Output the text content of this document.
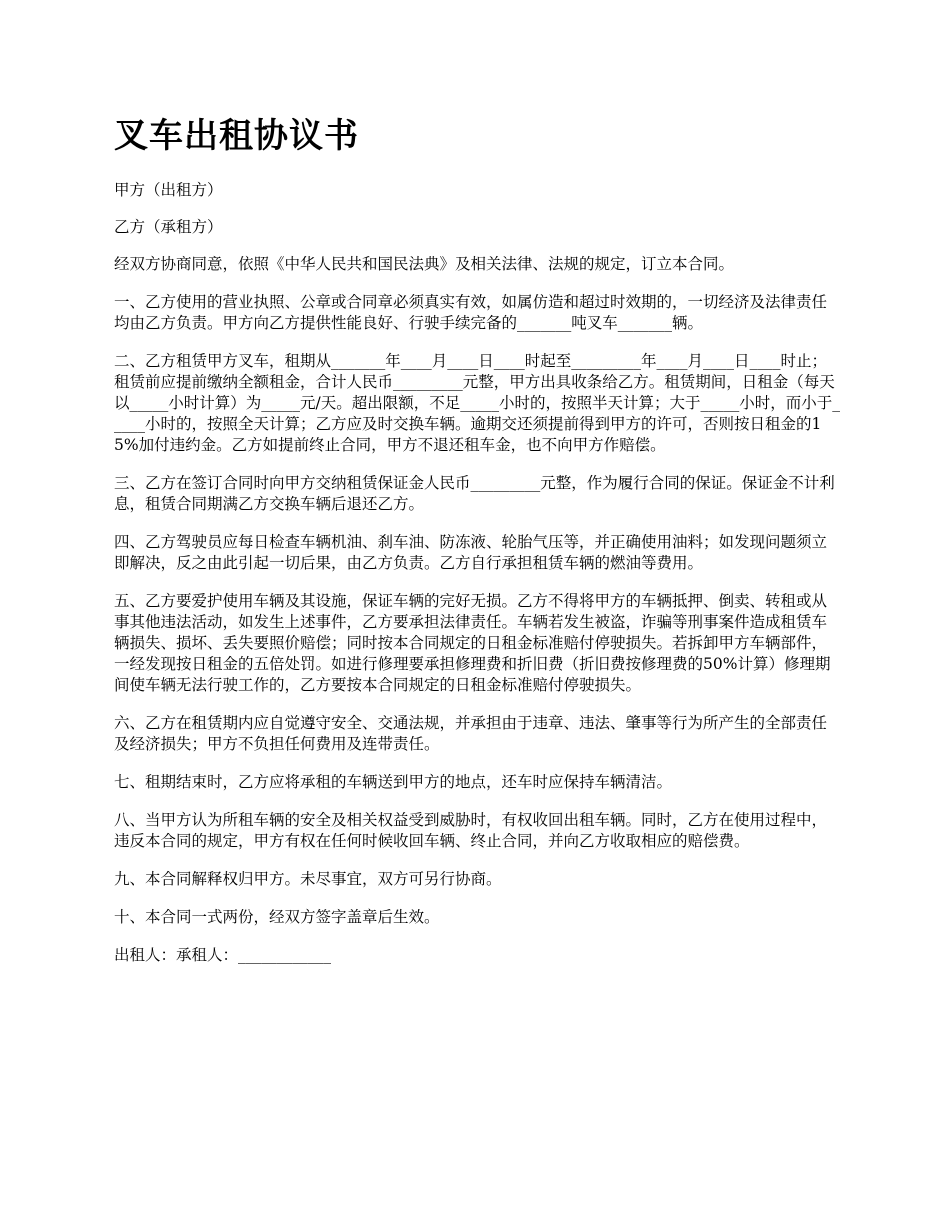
叉车出租协议书

甲方（出租方）

乙方（承租方）

经双方协商同意，依照《中华人民共和国民法典》及相关法律、法规的规定，订立本合同。

一、乙方使用的营业执照、公章或合同章必须真实有效，如属仿造和超过时效期的，一切经济及法律责任均由乙方负责。甲方向乙方提供性能良好、行驶手续完备的_______吨叉车_______辆。

二、乙方租赁甲方叉车，租期从_______年____月____日____时起至_________年____月____日____时止；租赁前应提前缴纳全额租金，合计人民币_________元整，甲方出具收条给乙方。租赁期间，日租金（每天以_____小时计算）为_____元/天。超出限额，不足_____小时的，按照半天计算；大于_____小时，而小于_____小时的，按照全天计算；乙方应及时交换车辆。逾期交还须提前得到甲方的许可，否则按日租金的15%加付违约金。乙方如提前终止合同，甲方不退还租车金，也不向甲方作赔偿。

三、乙方在签订合同时向甲方交纳租赁保证金人民币_________元整，作为履行合同的保证。保证金不计利息，租赁合同期满乙方交换车辆后退还乙方。

四、乙方驾驶员应每日检查车辆机油、刹车油、防冻液、轮胎气压等，并正确使用油料；如发现问题须立即解决，反之由此引起一切后果，由乙方负责。乙方自行承担租赁车辆的燃油等费用。

五、乙方要爱护使用车辆及其设施，保证车辆的完好无损。乙方不得将甲方的车辆抵押、倒卖、转租或从事其他违法活动，如发生上述事件，乙方要承担法律责任。车辆若发生被盗，诈骗等刑事案件造成租赁车辆损失、损坏、丢失要照价赔偿；同时按本合同规定的日租金标准赔付停驶损失。若拆卸甲方车辆部件，一经发现按日租金的五倍处罚。如进行修理要承担修理费和折旧费（折旧费按修理费的50%计算）修理期间使车辆无法行驶工作的，乙方要按本合同规定的日租金标准赔付停驶损失。

六、乙方在租赁期内应自觉遵守安全、交通法规，并承担由于违章、违法、肇事等行为所产生的全部责任及经济损失；甲方不负担任何费用及连带责任。

七、租期结束时，乙方应将承租的车辆送到甲方的地点，还车时应保持车辆清洁。

八、当甲方认为所租车辆的安全及相关权益受到威胁时，有权收回出租车辆。同时，乙方在使用过程中，违反本合同的规定，甲方有权在任何时候收回车辆、终止合同，并向乙方收取相应的赔偿费。

九、本合同解释权归甲方。未尽事宜，双方可另行协商。

十、本合同一式两份，经双方签字盖章后生效。

出租人：承租人：____________
